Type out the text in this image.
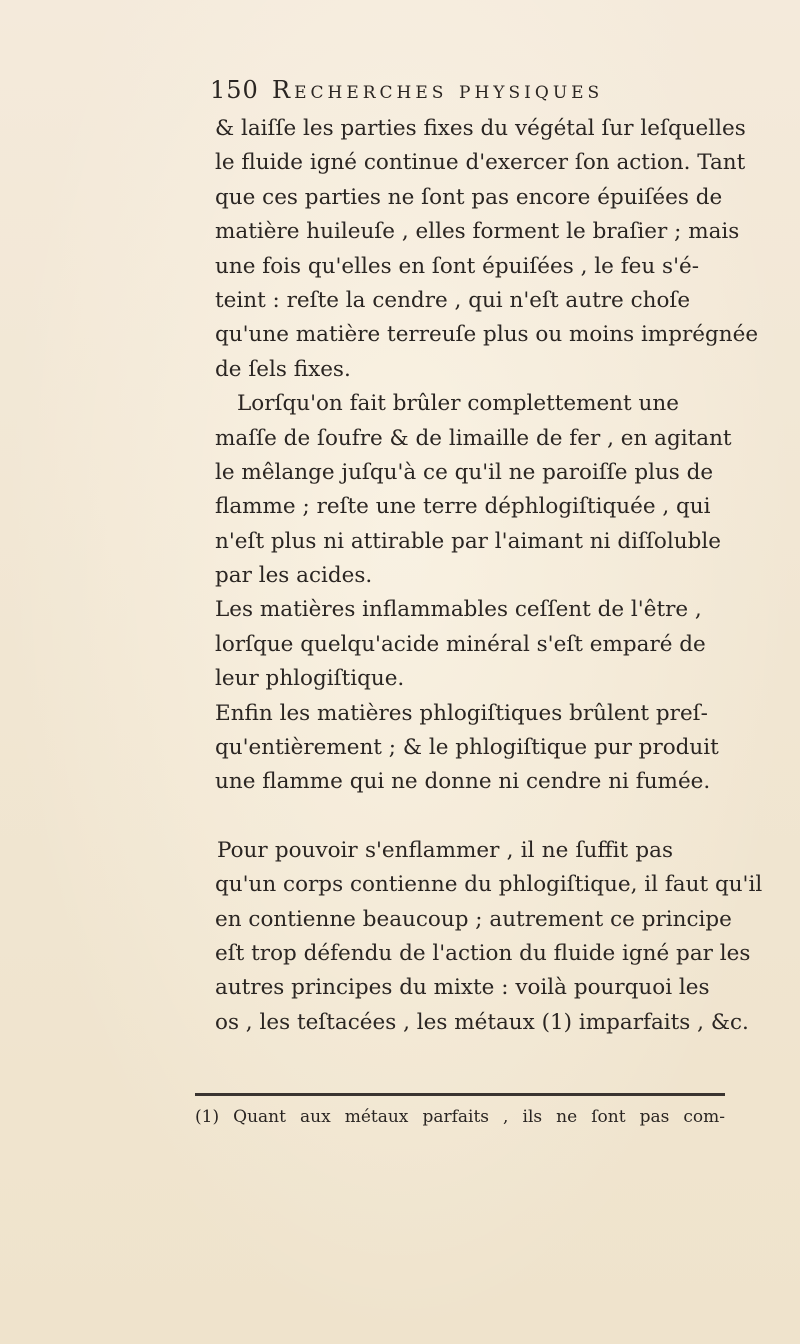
150 Recherches physiques
& laiſſe les parties fixes du végétal ſur leſquelles
le fluide igné continue d'exercer ſon action. Tant
que ces parties ne ſont pas encore épuiſées de
matière huileuſe , elles forment le braſier ; mais
une fois qu'elles en ſont épuiſées , le feu s'é-
teint : reſte la cendre , qui n'eſt autre choſe
qu'une matière terreuſe plus ou moins imprégnée
de ſels fixes.
Lorſqu'on fait brûler complettement une
maſſe de ſoufre & de limaille de fer , en agitant
le mêlange juſqu'à ce qu'il ne paroiſſe plus de
flamme ; reſte une terre déphlogiſtiquée , qui
n'eſt plus ni attirable par l'aimant ni diſſoluble
par les acides.
Les matières inflammables ceſſent de l'être ,
lorſque quelqu'acide minéral s'eſt emparé de
leur phlogiſtique.
Enfin les matières phlogiſtiques brûlent preſ-
qu'entièrement ; & le phlogiſtique pur produit
une flamme qui ne donne ni cendre ni fumée.
Pour pouvoir s'enflammer , il ne ſuffit pas
qu'un corps contienne du phlogiſtique, il faut qu'il
en contienne beaucoup ; autrement ce principe
eſt trop défendu de l'action du fluide igné par les
autres principes du mixte : voilà pourquoi les
os , les teſtacées , les métaux (1) imparfaits , &c.
(1) Quant aux métaux parfaits , ils ne ſont pas com-
